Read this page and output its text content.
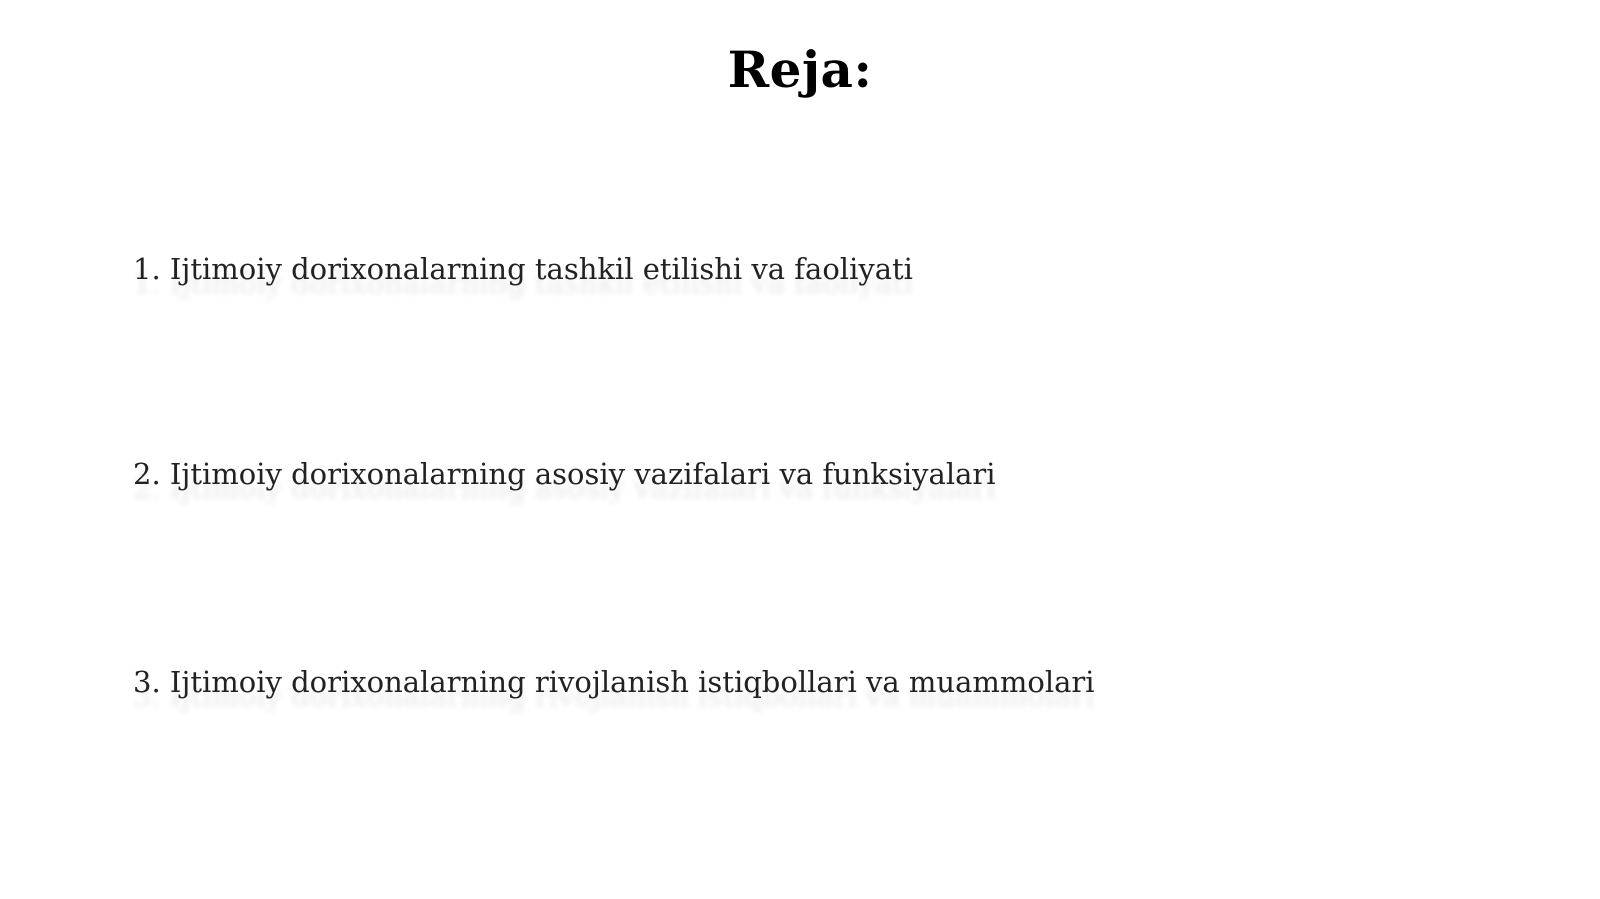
Reja:
1. Ijtimoiy dorixonalarning tashkil etilishi va faoliyati
2. Ijtimoiy dorixonalarning asosiy vazifalari va funksiyalari
3. Ijtimoiy dorixonalarning rivojlanish istiqbollari va muammolari
